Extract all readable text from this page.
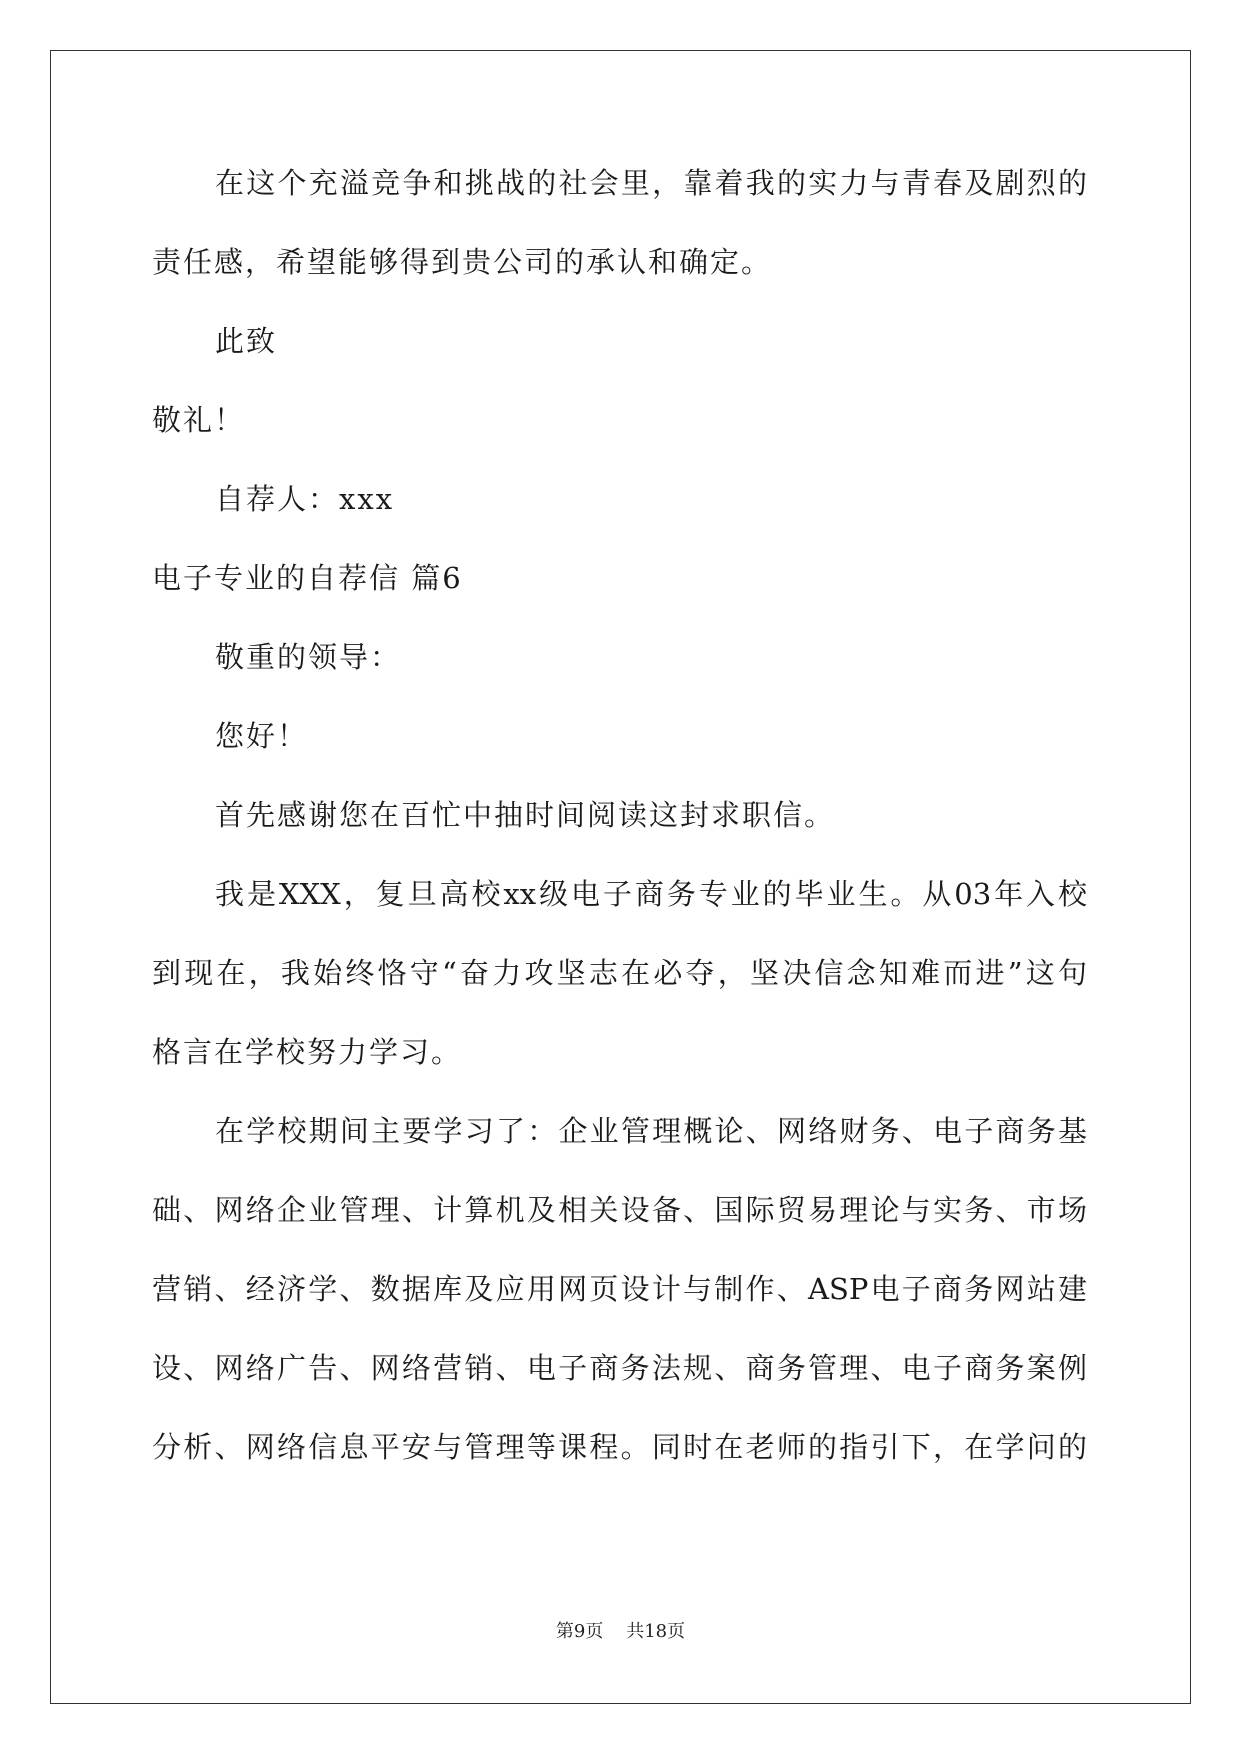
在这个充溢竞争和挑战的社会里，靠着我的实力与青春及剧烈的
责任感，希望能够得到贵公司的承认和确定。
此致
敬礼！
自荐人：xxx
电子专业的自荐信 篇6
敬重的领导：
您好！
首先感谢您在百忙中抽时间阅读这封求职信。
我是XXX，复旦高校xx级电子商务专业的毕业生。从03年入校
到现在，我始终恪守“奋力攻坚志在必夺，坚决信念知难而进”这句
格言在学校努力学习。
在学校期间主要学习了：企业管理概论、网络财务、电子商务基
础、网络企业管理、计算机及相关设备、国际贸易理论与实务、市场
营销、经济学、数据库及应用网页设计与制作、ASP电子商务网站建
设、网络广告、网络营销、电子商务法规、商务管理、电子商务案例
分析、网络信息平安与管理等课程。同时在老师的指引下，在学问的
第9页 共18页
